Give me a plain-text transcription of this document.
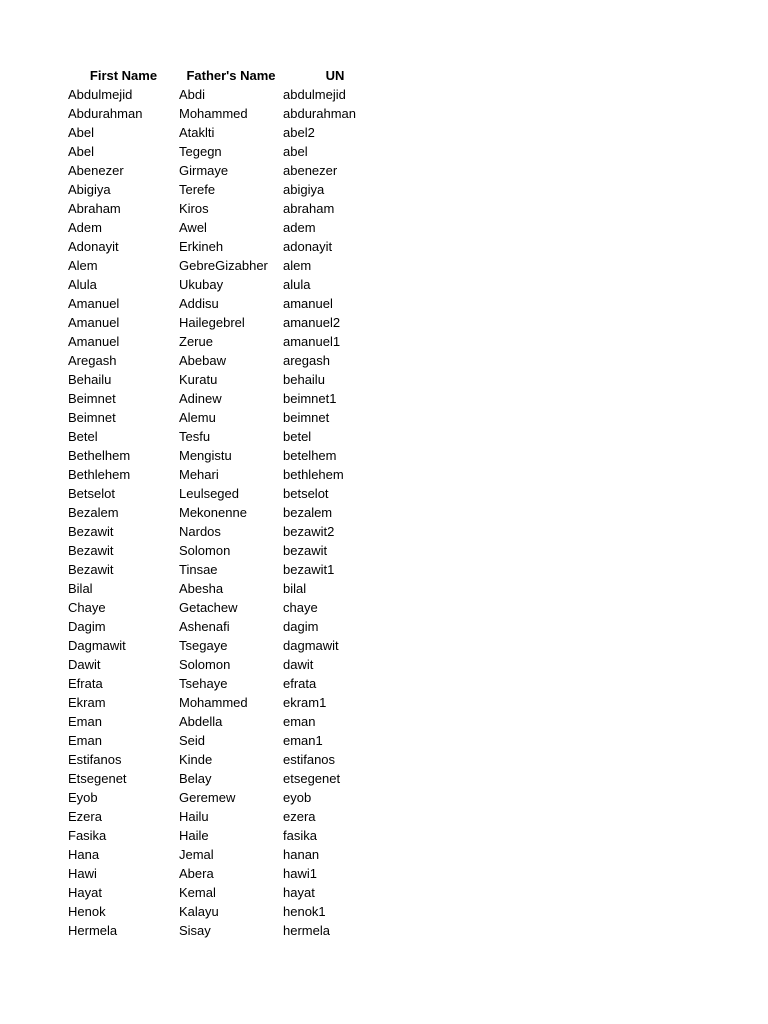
First Name	Father's Name	UN
Abdulmejid	Abdi	abdulmejid
Abdurahman	Mohammed	abdurahman
Abel	Ataklti	abel2
Abel	Tegegn	abel
Abenezer	Girmaye	abenezer
Abigiya	Terefe	abigiya
Abraham	Kiros	abraham
Adem	Awel	adem
Adonayit	Erkineh	adonayit
Alem	GebreGizabher	alem
Alula	Ukubay	alula
Amanuel	Addisu	amanuel
Amanuel	Hailegebrel	amanuel2
Amanuel	Zerue	amanuel1
Aregash	Abebaw	aregash
Behailu	Kuratu	behailu
Beimnet	Adinew	beimnet1
Beimnet	Alemu	beimnet
Betel	Tesfu	betel
Bethelhem	Mengistu	betelhem
Bethlehem	Mehari	bethlehem
Betselot	Leulseged	betselot
Bezalem	Mekonenne	bezalem
Bezawit	Nardos	bezawit2
Bezawit	Solomon	bezawit
Bezawit	Tinsae	bezawit1
Bilal	Abesha	bilal
Chaye	Getachew	chaye
Dagim	Ashenafi	dagim
Dagmawit	Tsegaye	dagmawit
Dawit	Solomon	dawit
Efrata	Tsehaye	efrata
Ekram	Mohammed	ekram1
Eman	Abdella	eman
Eman	Seid	eman1
Estifanos	Kinde	estifanos
Etsegenet	Belay	etsegenet
Eyob	Geremew	eyob
Ezera	Hailu	ezera
Fasika	Haile	fasika
Hana	Jemal	hanan
Hawi	Abera	hawi1
Hayat	Kemal	hayat
Henok	Kalayu	henok1
Hermela	Sisay	hermela
